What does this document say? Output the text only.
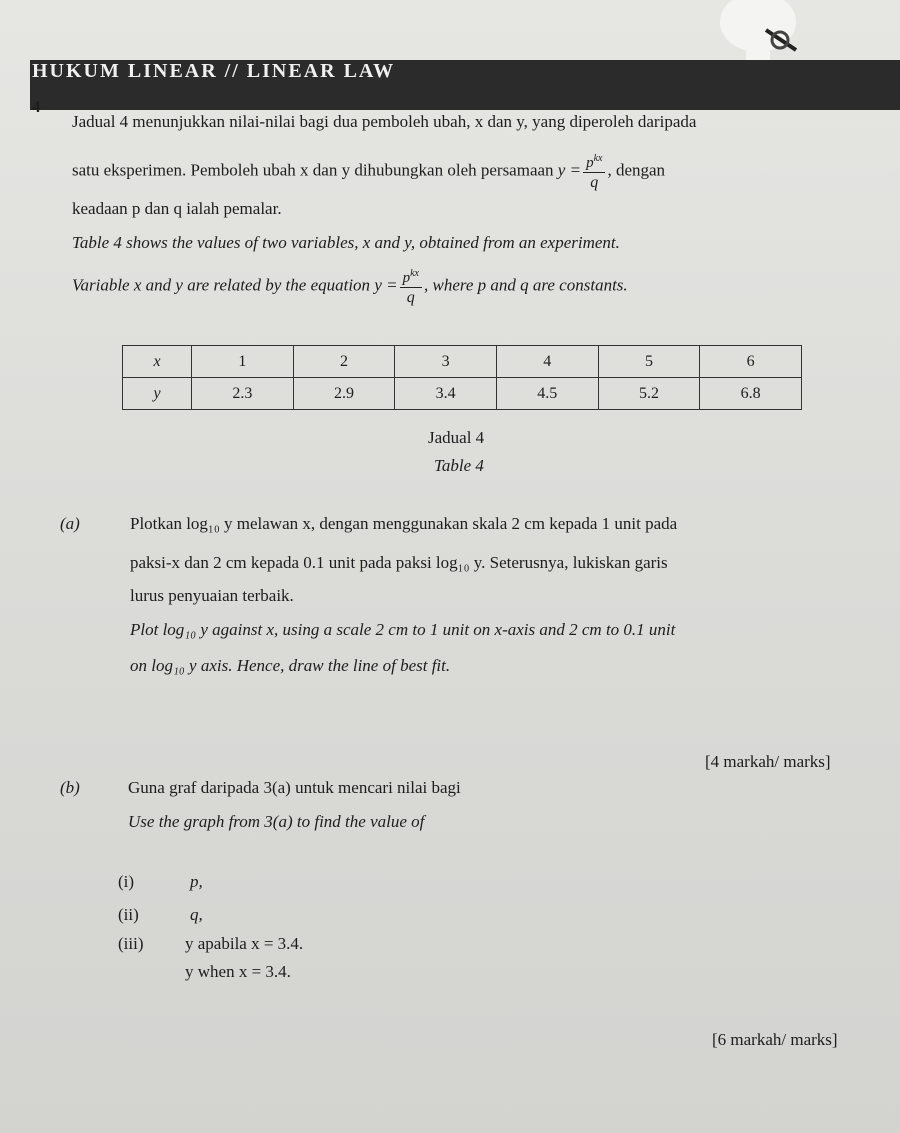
HUKUM LINEAR // LINEAR LAW
4
Jadual 4 menunjukkan nilai-nilai bagi dua pemboleh ubah, x dan y, yang diperoleh daripada
satu eksperimen. Pemboleh ubah x dan y dihubungkan oleh persamaan $y = \frac{p^{kx}}{q}$ , dengan
keadaan p dan q ialah pemalar.
Table 4 shows the values of two variables, x and y, obtained from an experiment.
Variable x and y are related by the equation $y = \frac{p^{kx}}{q}$ , where p and q are constants.
x	1	2	3	4	5	6
y	2.3	2.9	3.4	4.5	5.2	6.8
Jadual 4
Table 4
(a)	Plotkan log₁₀ y melawan x, dengan menggunakan skala 2 cm kepada 1 unit pada
paksi-x dan 2 cm kepada 0.1 unit pada paksi log₁₀ y. Seterusnya, lukiskan garis
lurus penyuaian terbaik.
Plot log₁₀ y against x, using a scale 2 cm to 1 unit on x-axis and 2 cm to 0.1 unit
on log₁₀ y axis. Hence, draw the line of best fit.
[4 markah/ marks]
(b)	Guna graf daripada 3(a) untuk mencari nilai bagi
Use the graph from 3(a) to find the value of
(i)	p,
(ii)	q,
(iii) y apabila x = 3.4.
y when x = 3.4.
[6 markah/ marks]
